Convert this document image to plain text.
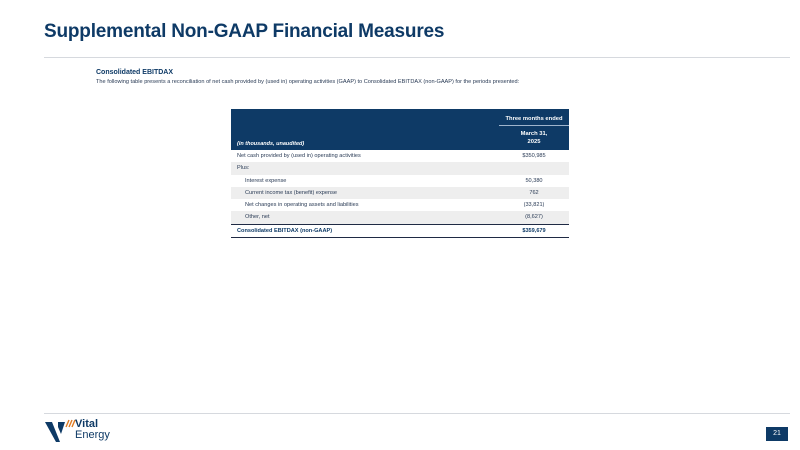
Supplemental Non-GAAP Financial Measures
Consolidated EBITDAX
The following table presents a reconciliation of net cash provided by (used in) operating activities (GAAP) to Consolidated EBITDAX (non-GAAP) for the periods presented:
(in thousands, unaudited)
Three months ended
March 31,
2025
Net cash provided by (used in) operating activities	$350,985
Plus:
Interest expense	50,380
Current income tax (benefit) expense	762
Net changes in operating assets and liabilities	(33,821)
Other, net	(8,627)
Consolidated EBITDAX (non-GAAP)	$359,679
Vital
Energy	21
